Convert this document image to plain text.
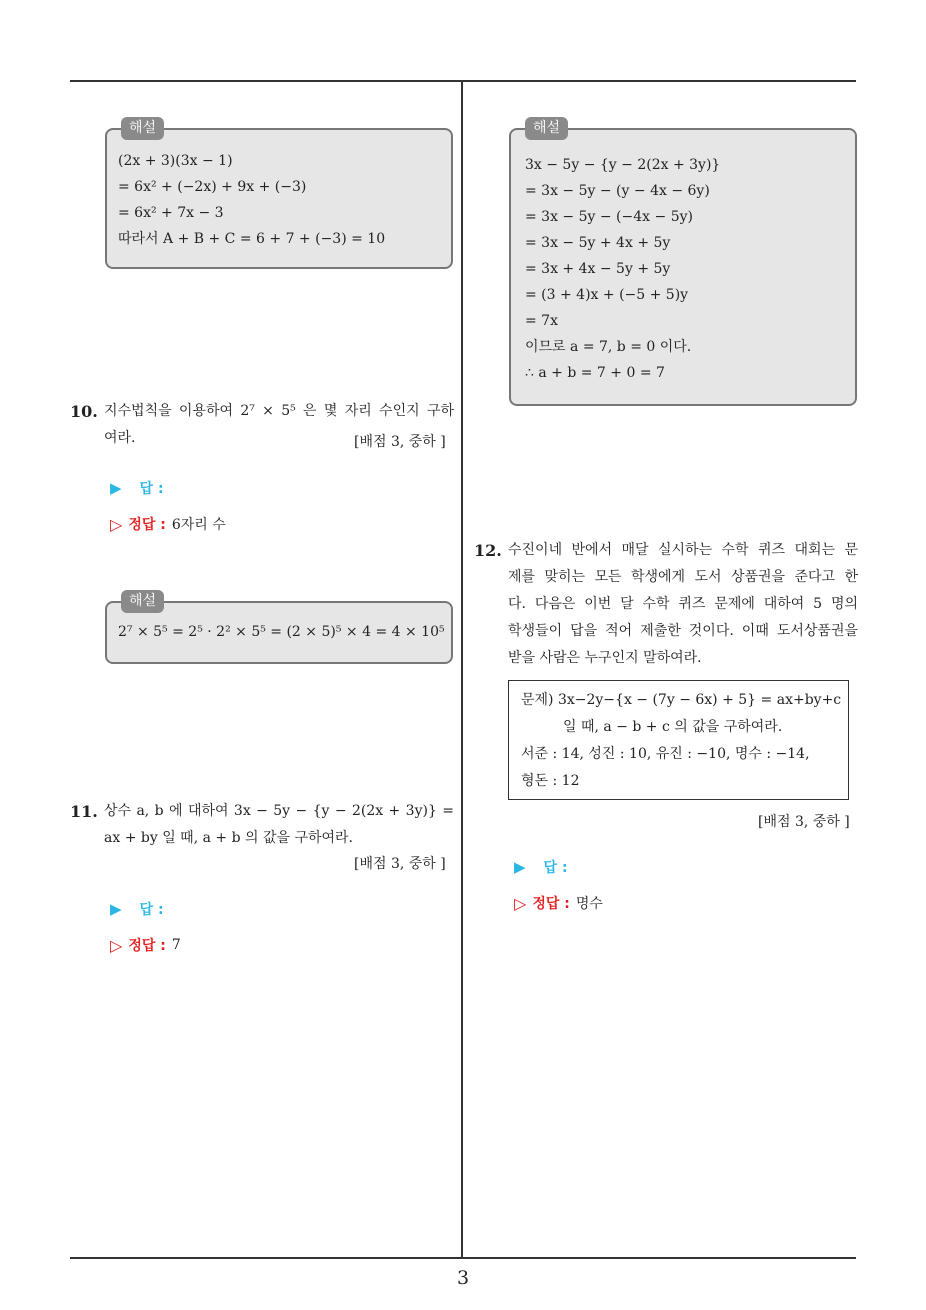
3
해설
(2x + 3)(3x − 1)
= 6x² + (−2x) + 9x + (−3)
= 6x² + 7x − 3
따라서 A + B + C = 6 + 7 + (−3) = 10
10. 지수법칙을 이용하여 2⁷ × 5⁵ 은 몇 자리 수인지 구하
여라.	[배점 3, 중하 ]
▶ 답 :
▷ 정답 : 6자리 수
해설
2⁷ × 5⁵ = 2⁵ · 2² × 5⁵ = (2 × 5)⁵ × 4 = 4 × 10⁵
11. 상수 a, b 에 대하여 3x − 5y − {y − 2(2x + 3y)} =
ax + by 일 때, a + b 의 값을 구하여라.
[배점 3, 중하 ]
▶ 답 :
▷ 정답 : 7
해설
3x − 5y − {y − 2(2x + 3y)}
= 3x − 5y − (y − 4x − 6y)
= 3x − 5y − (−4x − 5y)
= 3x − 5y + 4x + 5y
= 3x + 4x − 5y + 5y
= (3 + 4)x + (−5 + 5)y
= 7x
이므로 a = 7, b = 0 이다.
∴ a + b = 7 + 0 = 7
12. 수진이네 반에서 매달 실시하는 수학 퀴즈 대회는 문
제를 맞히는 모든 학생에게 도서 상품권을 준다고 한
다. 다음은 이번 달 수학 퀴즈 문제에 대하여 5 명의
학생들이 답을 적어 제출한 것이다. 이때 도서상품권을
받을 사람은 누구인지 말하여라.
문제) 3x−2y−{x − (7y − 6x) + 5} = ax+by+c
일 때, a − b + c 의 값을 구하여라.
서준 : 14, 성진 : 10, 유진 : −10, 명수 : −14,
형돈 : 12
[배점 3, 중하 ]
▶ 답 :
▷ 정답 : 명수
